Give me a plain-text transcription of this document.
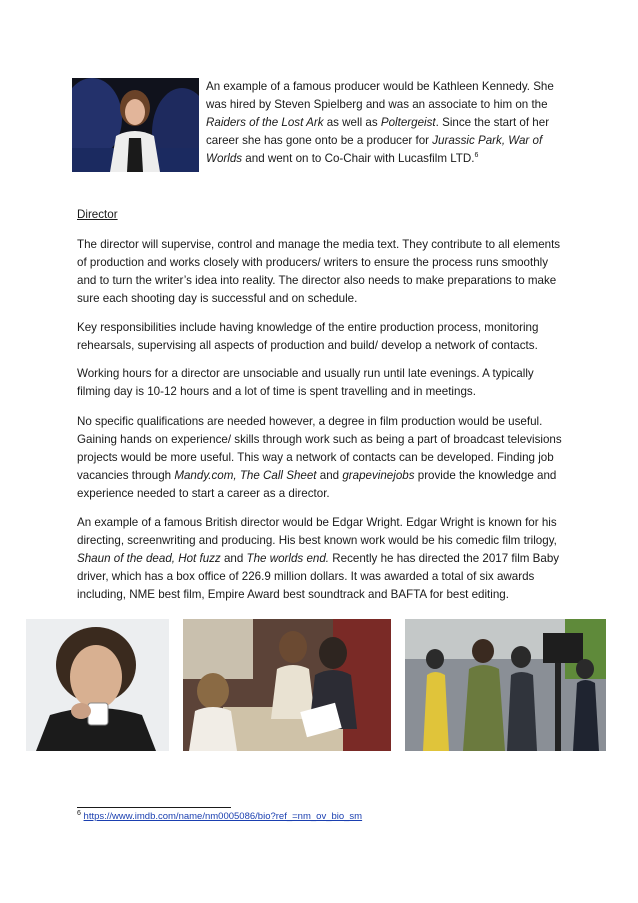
An example of a famous producer would be Kathleen Kennedy. She was hired by Steven Spielberg and was an associate to him on the Raiders of the Lost Ark as well as Poltergeist. Since the start of her career she has gone onto be a producer for Jurassic Park, War of Worlds and went on to Co-Chair with Lucasfilm LTD.$^6$

Director

The director will supervise, control and manage the media text. They contribute to all elements of production and works closely with producers/ writers to ensure the process runs smoothly and to turn the writer’s idea into reality. The director also needs to make preparations to make sure each shooting day is successful and on schedule.

Key responsibilities include having knowledge of the entire production process, monitoring rehearsals, supervising all aspects of production and build/ develop a network of contacts.

Working hours for a director are unsociable and usually run until late evenings. A typically filming day is 10-12 hours and a lot of time is spent travelling and in meetings.

No specific qualifications are needed however, a degree in film production would be useful. Gaining hands on experience/ skills through work such as being a part of broadcast televisions projects would be more useful. This way a network of contacts can be developed. Finding job vacancies through Mandy.com, The Call Sheet and grapevinejobs provide the knowledge and experience needed to start a career as a director.

An example of a famous British director would be Edgar Wright. Edgar Wright is known for his directing, screenwriting and producing. His best known work would be his comedic film trilogy, Shaun of the dead, Hot fuzz and The worlds end. Recently he has directed the 2017 film Baby driver, which has a box office of 226.9 million dollars. It was awarded a total of six awards including, NME best film, Empire Award best soundtrack and BAFTA for best editing.

$^6$ https://www.imdb.com/name/nm0005086/bio?ref_=nm_ov_bio_sm
